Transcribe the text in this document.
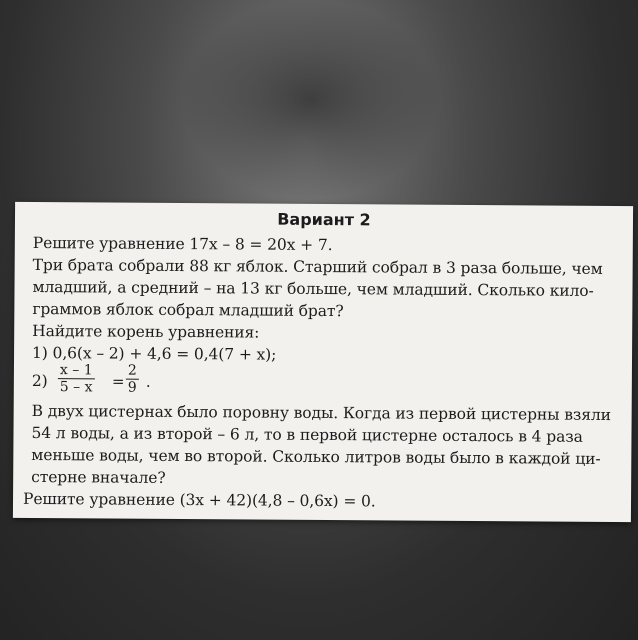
Вариант 2
Решите уравнение 17x – 8 = 20x + 7.
Три брата собрали 88 кг яблок. Старший собрал в 3 раза больше, чем
младший, а средний – на 13 кг больше, чем младший. Сколько кило-
граммов яблок собрал младший брат?
Найдите корень уравнения:
1) 0,6(x – 2) + 4,6 = 0,4(7 + x);
$2) \frac{x - 1}{5 - x} = \frac{2}{9}$ .
В двух цистернах было поровну воды. Когда из первой цистерны взяли
54 л воды, а из второй – 6 л, то в первой цистерне осталось в 4 раза
меньше воды, чем во второй. Сколько литров воды было в каждой ци-
стерне вначале?
Решите уравнение (3x + 42)(4,8 – 0,6x) = 0.
